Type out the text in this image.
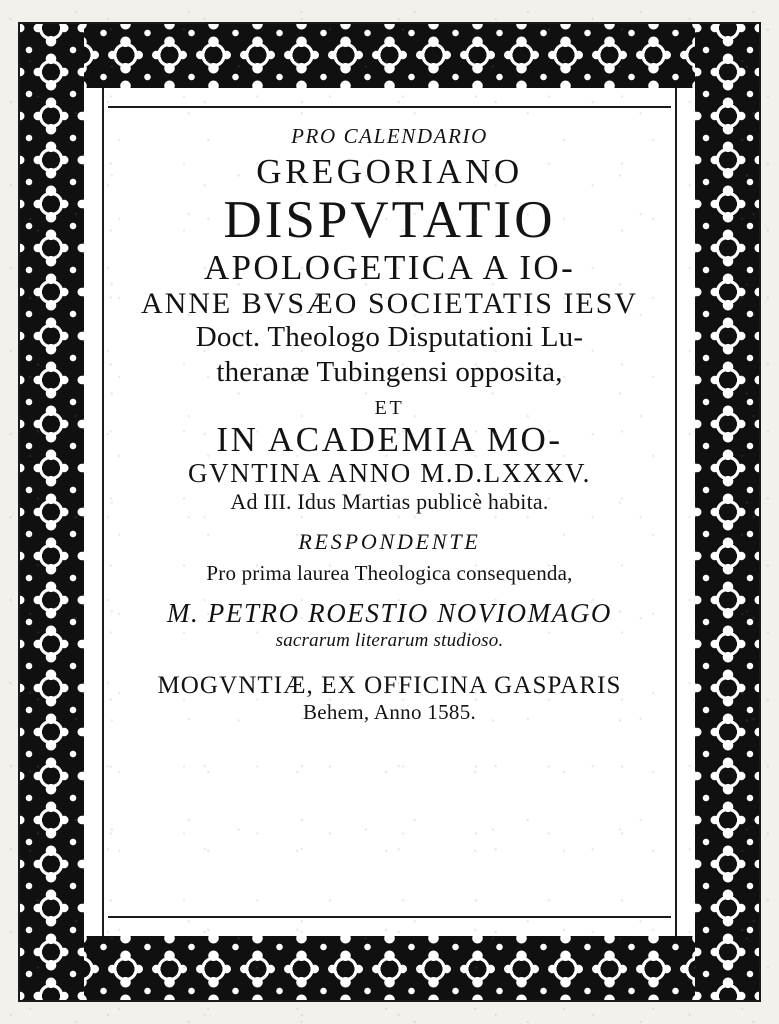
PRO CALENDARIO
GREGORIANO
DISPVTATIO
APOLOGETICA A IO-
ANNE BVSÆO SOCIETATIS IESV
Doct. Theologo Disputationi Lu-
theranæ Tubingensi opposita,
ET
IN ACADEMIA MO-
GVNTINA ANNO M.D.LXXXV.
Ad III. Idus Martias publicè habita.
RESPONDENTE
Pro prima laurea Theologica consequenda,
M. PETRO ROESTIO NOVIOMAGO
sacrarum literarum studioso.
MOGVNTIÆ, EX OFFICINA GASPARIS
Behem, Anno 1585.
